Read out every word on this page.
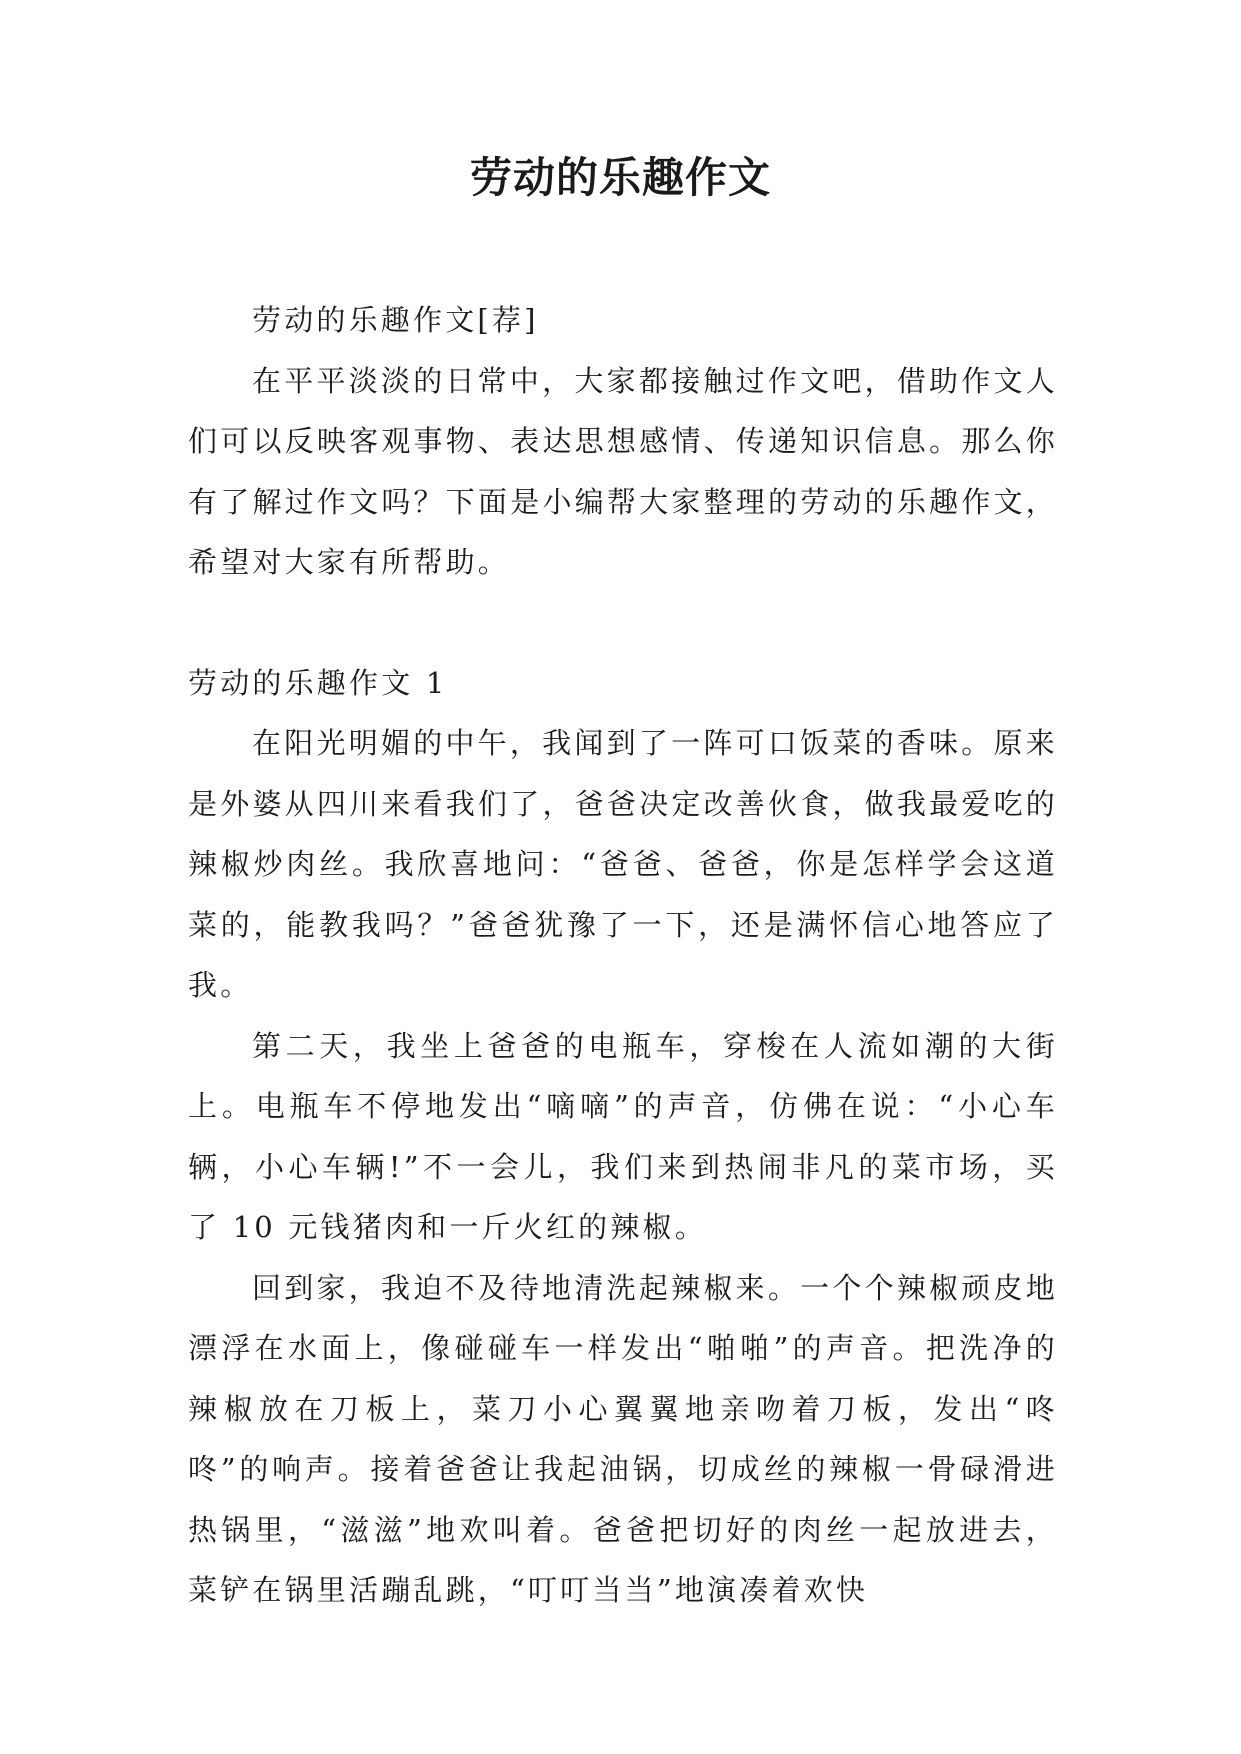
劳动的乐趣作文

劳动的乐趣作文[荐]

在平平淡淡的日常中，大家都接触过作文吧，借助作文人们可以反映客观事物、表达思想感情、传递知识信息。那么你有了解过作文吗？下面是小编帮大家整理的劳动的乐趣作文，希望对大家有所帮助。

劳动的乐趣作文 1

在阳光明媚的中午，我闻到了一阵可口饭菜的香味。原来是外婆从四川来看我们了，爸爸决定改善伙食，做我最爱吃的辣椒炒肉丝。我欣喜地问：“爸爸、爸爸，你是怎样学会这道菜的，能教我吗？”爸爸犹豫了一下，还是满怀信心地答应了我。

第二天，我坐上爸爸的电瓶车，穿梭在人流如潮的大街上。电瓶车不停地发出“嘀嘀”的声音，仿佛在说：“小心车辆，小心车辆!”不一会儿，我们来到热闹非凡的菜市场，买了 10 元钱猪肉和一斤火红的辣椒。

回到家，我迫不及待地清洗起辣椒来。一个个辣椒顽皮地漂浮在水面上，像碰碰车一样发出“啪啪”的声音。把洗净的辣椒放在刀板上，菜刀小心翼翼地亲吻着刀板，发出“咚咚”的响声。接着爸爸让我起油锅，切成丝的辣椒一骨碌滑进热锅里，“滋滋”地欢叫着。爸爸把切好的肉丝一起放进去，菜铲在锅里活蹦乱跳，“叮叮当当”地演凑着欢快
